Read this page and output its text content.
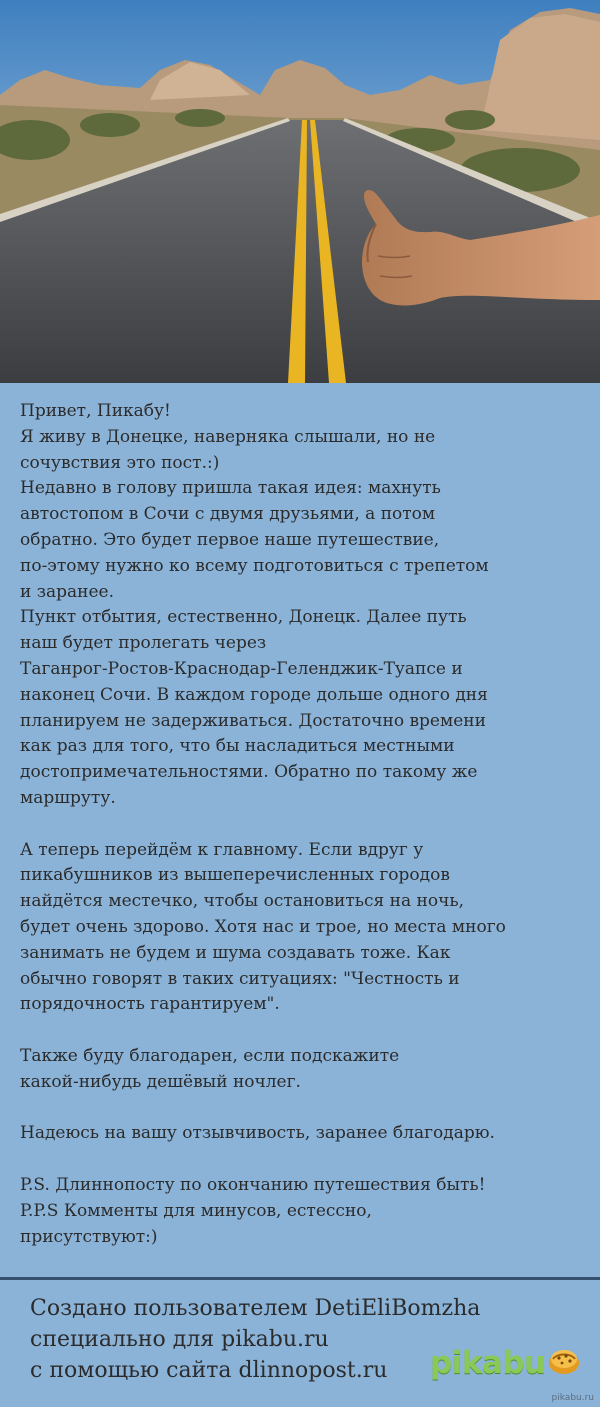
Привет, Пикабу!
Я живу в Донецке, наверняка слышали, но не
сочувствия это пост.:)
Недавно в голову пришла такая идея: махнуть
автостопом в Сочи с двумя друзьями, а потом
обратно. Это будет первое наше путешествие,
по-этому нужно ко всему подготовиться с трепетом
и заранее.
Пункт отбытия, естественно, Донецк. Далее путь
наш будет пролегать через
Таганрог-Ростов-Краснодар-Геленджик-Туапсе и
наконец Сочи. В каждом городе дольше одного дня
планируем не задерживаться. Достаточно времени
как раз для того, что бы насладиться местными
достопримечательностями. Обратно по такому же
маршруту.

А теперь перейдём к главному. Если вдруг у
пикабушников из вышеперечисленных городов
найдётся местечко, чтобы остановиться на ночь,
будет очень здорово. Хотя нас и трое, но места много
занимать не будем и шума создавать тоже. Как
обычно говорят в таких ситуациях: "Честность и
порядочность гарантируем".

Также буду благодарен, если подскажите
какой-нибудь дешёвый ночлег.

Надеюсь на вашу отзывчивость, заранее благодарю.

P.S. Длиннопосту по окончанию путешествия быть!
P.P.S Комменты для минусов, естессно,
присутствуют:)

Создано пользователем DetiEliBomzha
специально для pikabu.ru
с помощью сайта dlinnopost.ru	pikabu
pikabu.ru
